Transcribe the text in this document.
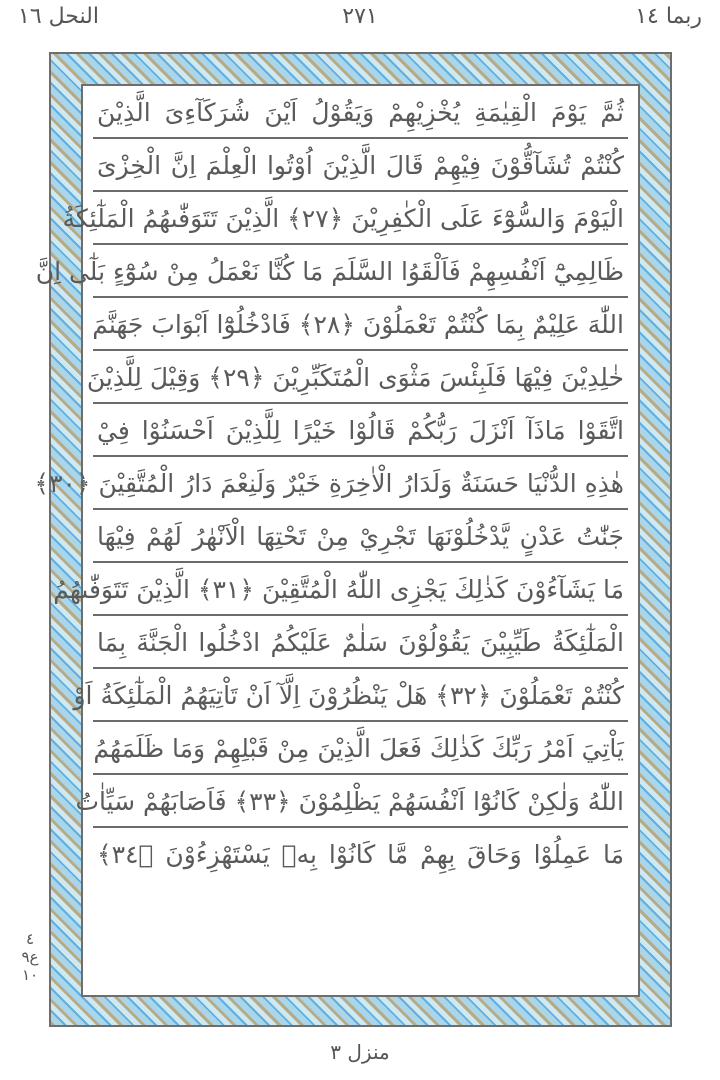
النحل ١٦	٢٧١	ربما ١٤
ثُمَّ يَوْمَ الْقِيٰمَةِ يُخْزِيْهِمْ وَيَقُوْلُ اَيْنَ شُرَكَآءِىَ الَّذِيْنَ
كُنْتُمْ تُشَآقُّوْنَ فِيْهِمْ قَالَ الَّذِيْنَ اُوْتُوا الْعِلْمَ اِنَّ الْخِزْىَ
الْيَوْمَ وَالسُّوْٓءَ عَلَى الْكٰفِرِيْنَ ﴿٢٧﴾ الَّذِيْنَ تَتَوَفّٰىهُمُ الْمَلٰٓئِكَةُ
ظَالِمِيْٓ اَنْفُسِهِمْ فَاَلْقَوُا السَّلَمَ مَا كُنَّا نَعْمَلُ مِنْ سُوْٓءٍ بَلٰٓى اِنَّ
اللّٰهَ عَلِيْمٌ بِمَا كُنْتُمْ تَعْمَلُوْنَ ﴿٢٨﴾ فَادْخُلُوْٓا اَبْوَابَ جَهَنَّمَ
خٰلِدِيْنَ فِيْهَا فَلَبِئْسَ مَثْوَى الْمُتَكَبِّرِيْنَ ﴿٢٩﴾ وَقِيْلَ لِلَّذِيْنَ
اتَّقَوْا مَاذَآ اَنْزَلَ رَبُّكُمْ قَالُوْا خَيْرًا لِلَّذِيْنَ اَحْسَنُوْا فِيْ
هٰذِهِ الدُّنْيَا حَسَنَةٌ وَلَدَارُ الْاٰخِرَةِ خَيْرٌ وَلَنِعْمَ دَارُ الْمُتَّقِيْنَ ﴿٣٠﴾
جَنّٰتُ عَدْنٍ يَّدْخُلُوْنَهَا تَجْرِيْ مِنْ تَحْتِهَا الْاَنْهٰرُ لَهُمْ فِيْهَا
مَا يَشَآءُوْنَ كَذٰلِكَ يَجْزِى اللّٰهُ الْمُتَّقِيْنَ ﴿٣١﴾ الَّذِيْنَ تَتَوَفّٰىهُمُ
الْمَلٰٓئِكَةُ طَيِّبِيْنَ يَقُوْلُوْنَ سَلٰمٌ عَلَيْكُمُ ادْخُلُوا الْجَنَّةَ بِمَا
كُنْتُمْ تَعْمَلُوْنَ ﴿٣٢﴾ هَلْ يَنْظُرُوْنَ اِلَّآ اَنْ تَاْتِيَهُمُ الْمَلٰٓئِكَةُ اَوْ
يَاْتِيَ اَمْرُ رَبِّكَ كَذٰلِكَ فَعَلَ الَّذِيْنَ مِنْ قَبْلِهِمْ وَمَا ظَلَمَهُمُ
اللّٰهُ وَلٰكِنْ كَانُوْٓا اَنْفُسَهُمْ يَظْلِمُوْنَ ﴿٣٣﴾ فَاَصَابَهُمْ سَيِّاٰتُ
مَا عَمِلُوْا وَحَاقَ بِهِمْ مَّا كَانُوْا بِهٖ يَسْتَهْزِءُوْنَ ﴿٣٤﴾
٤
ع٩
١٠
منزل ٣
